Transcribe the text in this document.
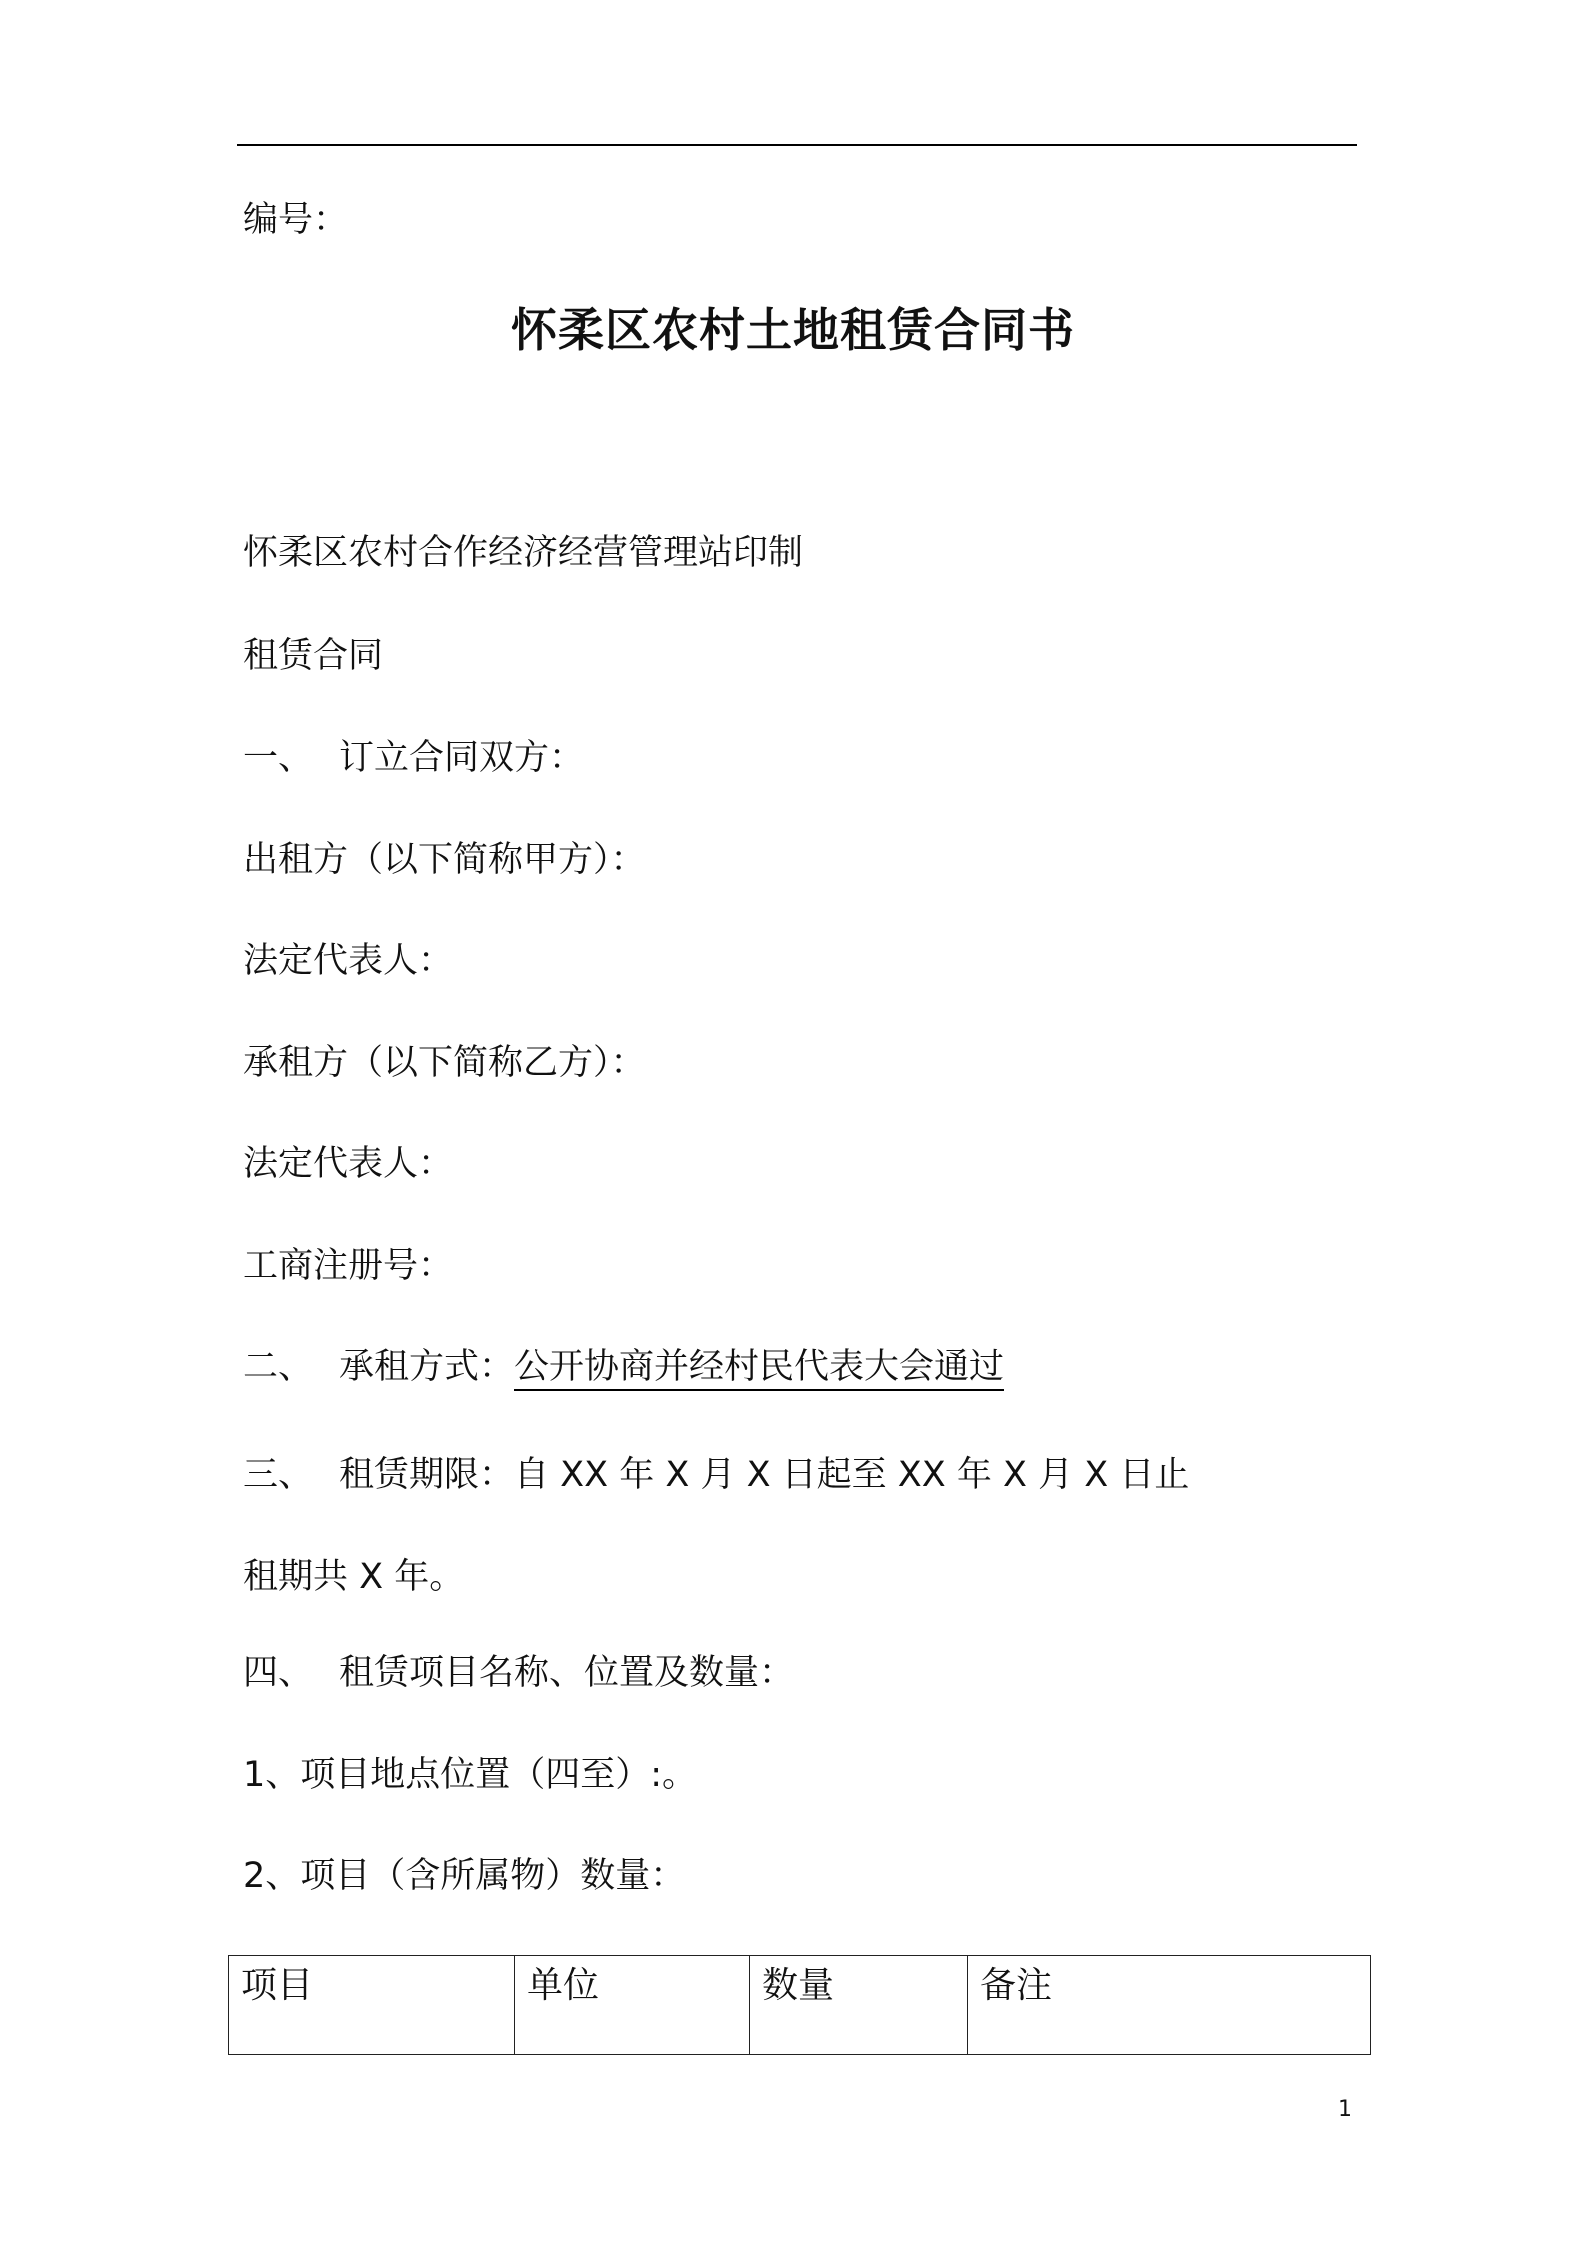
编号：
怀柔区农村土地租赁合同书
怀柔区农村合作经济经营管理站印制
租赁合同
一、 订立合同双方：
出租方（以下简称甲方）：
法定代表人：
承租方（以下简称乙方）：
法定代表人：
工商注册号：
二、 承租方式：公开协商并经村民代表大会通过
三、 租赁期限：自 XX 年 X 月 X 日起至 XX 年 X 月 X 日止
租期共 X 年。
四、 租赁项目名称、位置及数量：
1、项目地点位置（四至）:。
2、项目（含所属物）数量：
项目	单位	数量	备注
1
